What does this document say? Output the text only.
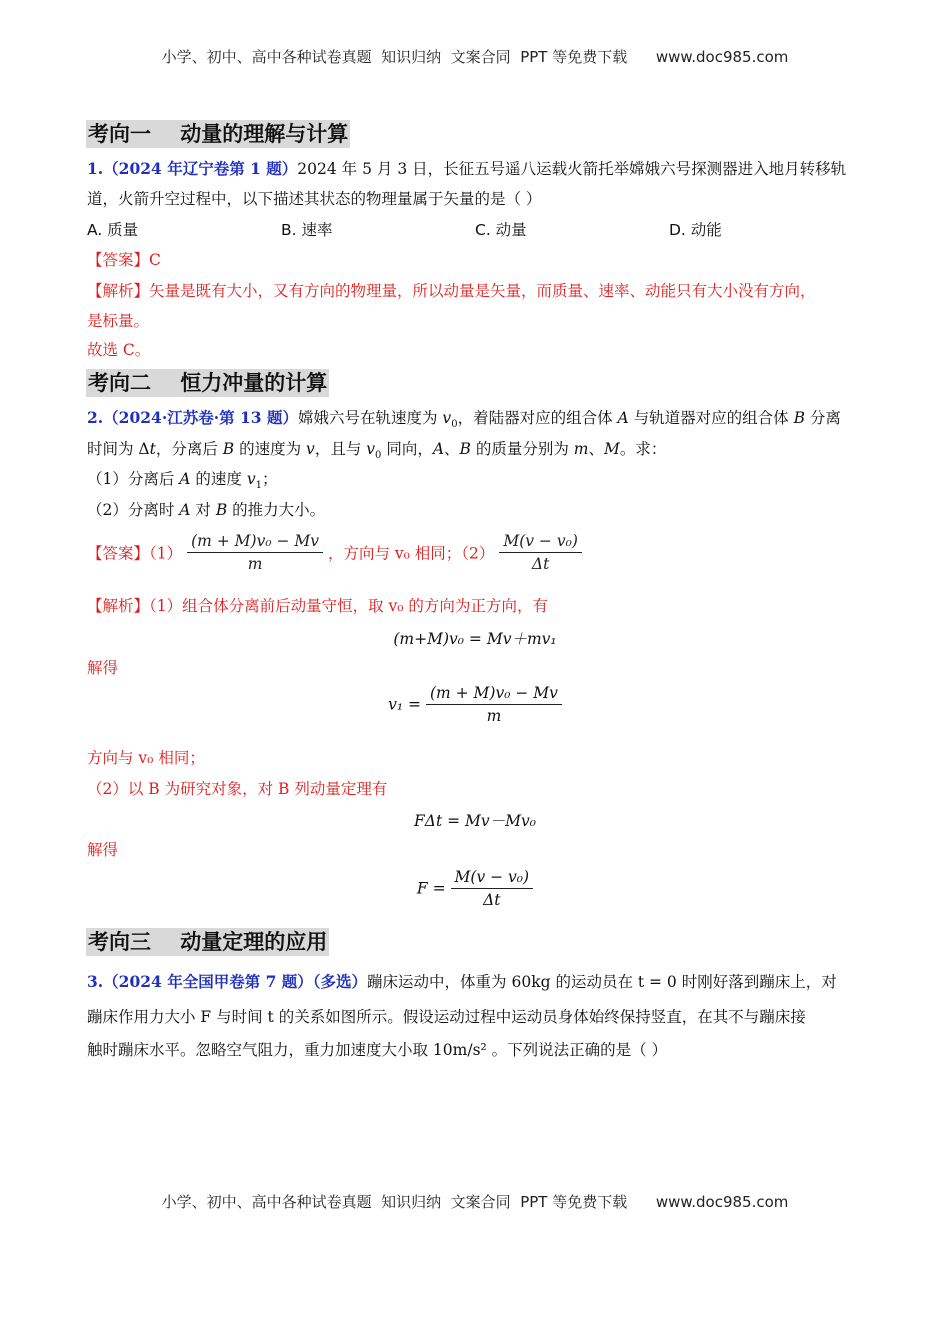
小学、初中、高中各种试卷真题  知识归纳  文案合同  PPT 等免费下载      www.doc985.com
考向一    动量的理解与计算
1.（2024 年辽宁卷第 1 题）2024 年 5 月 3 日，长征五号遥八运载火箭托举嫦娥六号探测器进入地月转移轨
道，火箭升空过程中，以下描述其状态的物理量属于矢量的是（ ）
A. 质量	B. 速率	C. 动量	D. 动能
【答案】C
【解析】矢量是既有大小，又有方向的物理量，所以动量是矢量，而质量、速率、动能只有大小没有方向，
是标量。
故选 C。
考向二    恒力冲量的计算
2.（2024·江苏卷·第 13 题）嫦娥六号在轨速度为 $v_0$，着陆器对应的组合体 A 与轨道器对应的组合体 B 分离
时间为 Δt，分离后 B 的速度为 v，且与 $v_0$ 同向，A、B 的质量分别为 m、M。求：
（1）分离后 A 的速度 $v_1$；
（2）分离时 A 对 B 的推力大小。
【答案】$(1) \frac{\text{(m + M)v₀ − Mv}}{m}$ ，方向与 v₀ 相同；$(2) \frac{\text{M(v − v₀)}}{\Delta t}$
【解析】（1）组合体分离前后动量守恒，取 v₀ 的方向为正方向，有
(m+M)v₀ = Mv＋mv₁
解得
$v_1 = \frac{\text{(m + M)v₀ − Mv}}{m}$
方向与 v₀ 相同；
（2）以 B 为研究对象，对 B 列动量定理有
FΔt = Mv－Mv₀
解得
$F = \frac{\text{M(v − v₀)}}{\Delta t}$
考向三    动量定理的应用
3.（2024 年全国甲卷第 7 题）（多选）蹦床运动中，体重为 60kg 的运动员在 t = 0 时刚好落到蹦床上，对
蹦床作用力大小 F 与时间 t 的关系如图所示。假设运动过程中运动员身体始终保持竖直，在其不与蹦床接
触时蹦床水平。忽略空气阻力，重力加速度大小取 10m/s² 。下列说法正确的是（ ）
小学、初中、高中各种试卷真题  知识归纳  文案合同  PPT 等免费下载      www.doc985.com
